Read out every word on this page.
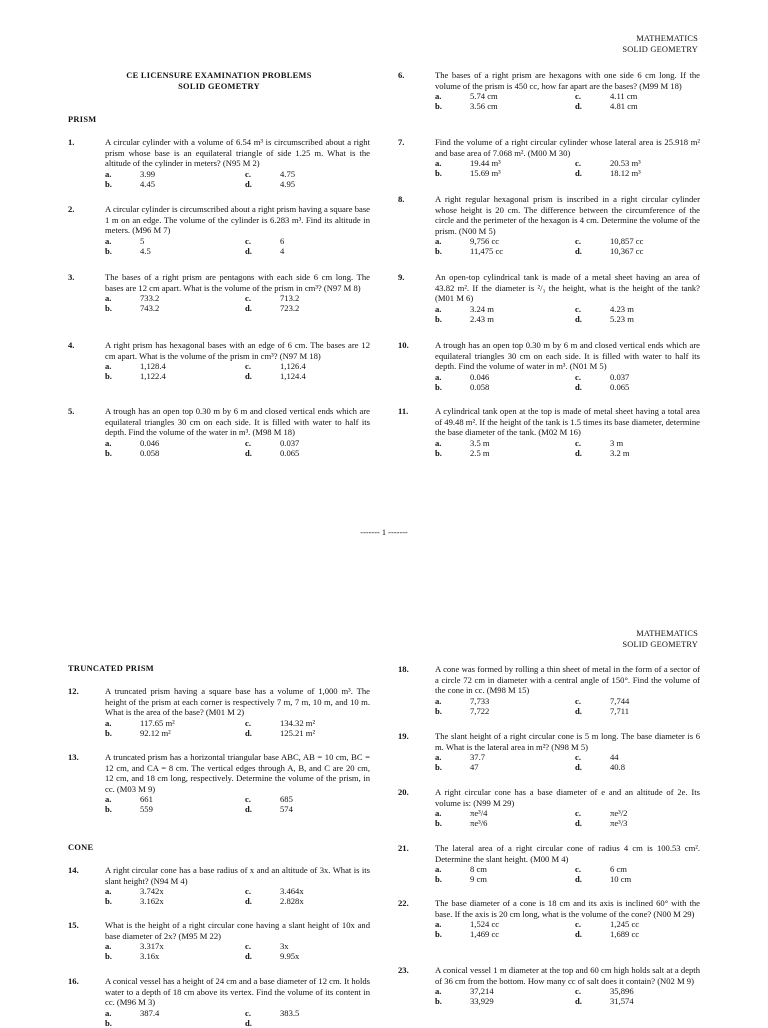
MATHEMATICS
SOLID GEOMETRY
CE LICENSURE EXAMINATION PROBLEMS
SOLID GEOMETRY
PRISM
1.	A circular cylinder with a volume of 6.54 m³ is circumscribed about a right prism whose base is an equilateral triangle of side 1.25 m. What is the altitude of the cylinder in meters? (N95 M 2)
a.	3.99	c.	4.75
b.	4.45	d.	4.95
2.	A circular cylinder is circumscribed about a right prism having a square base 1 m on an edge. The volume of the cylinder is 6.283 m³. Find its altitude in meters. (M96 M 7)
a.	5	c.	6
b.	4.5	d.	4
3.	The bases of a right prism are pentagons with each side 6 cm long. The bases are 12 cm apart. What is the volume of the prism in cm³? (N97 M 8)
a.	733.2	c.	713.2
b.	743.2	d.	723.2
4.	A right prism has hexagonal bases with an edge of 6 cm. The bases are 12 cm apart. What is the volume of the prism in cm³? (N97 M 18)
a.	1,128.4	c.	1,126.4
b.	1,122.4	d.	1,124.4
5.	A trough has an open top 0.30 m by 6 m and closed vertical ends which are equilateral triangles 30 cm on each side. It is filled with water to half its depth. Find the volume of the water in m³. (M98 M 18)
a.	0.046	c.	0.037
b.	0.058	d.	0.065
6.	The bases of a right prism are hexagons with one side 6 cm long. If the volume of the prism is 450 cc, how far apart are the bases? (M99 M 18)
a.	5.74 cm	c.	4.11 cm
b.	3.56 cm	d.	4.81 cm
7.	Find the volume of a right circular cylinder whose lateral area is 25.918 m² and base area of 7.068 m². (M00 M 30)
a.	19.44 m³	c.	20.53 m³
b.	15.69 m³	d.	18.12 m³
8.	A right regular hexagonal prism is inscribed in a right circular cylinder whose height is 20 cm. The difference between the circumference of the circle and the perimeter of the hexagon is 4 cm. Determine the volume of the prism. (N00 M 5)
a.	9,756 cc	c.	10,857 cc
b.	11,475 cc	d.	10,367 cc
9.	An open-top cylindrical tank is made of a metal sheet having an area of 43.82 m². If the diameter is ²/₃ the height, what is the height of the tank? (M01 M 6)
a.	3.24 m	c.	4.23 m
b.	2.43 m	d.	5.23 m
10.	A trough has an open top 0.30 m by 6 m and closed vertical ends which are equilateral triangles 30 cm on each side. It is filled with water to half its depth. Find the volume of water in m³. (N01 M 5)
a.	0.046	c.	0.037
b.	0.058	d.	0.065
11.	A cylindrical tank open at the top is made of metal sheet having a total area of 49.48 m². If the height of the tank is 1.5 times its base diameter, determine the base diameter of the tank. (M02 M 16)
a.	3.5 m	c.	3 m
b.	2.5 m	d.	3.2 m
------- 1 -------
MATHEMATICS
SOLID GEOMETRY
TRUNCATED PRISM
12.	A truncated prism having a square base has a volume of 1,000 m³. The height of the prism at each corner is respectively 7 m, 7 m, 10 m, and 10 m. What is the area of the base? (M01 M 2)
a.	117.65 m²	c.	134.32 m²
b.	92.12 m²	d.	125.21 m²
13.	A truncated prism has a horizontal triangular base ABC, AB = 10 cm, BC = 12 cm, and CA = 8 cm. The vertical edges through A, B, and C are 20 cm, 12 cm, and 18 cm long, respectively. Determine the volume of the prism, in cc. (M03 M 9)
a.	661	c.	685
b.	559	d.	574
CONE
14.	A right circular cone has a base radius of x and an altitude of 3x. What is its slant height? (N94 M 4)
a.	3.742x	c.	3.464x
b.	3.162x	d.	2.828x
15.	What is the height of a right circular cone having a slant height of 10x and base diameter of 2x? (M95 M 22)
a.	3.317x	c.	3x
b.	3.16x	d.	9.95x
16.	A conical vessel has a height of 24 cm and a base diameter of 12 cm. It holds water to a depth of 18 cm above its vertex. Find the volume of its content in cc. (M96 M 3)
a.	387.4	c.	383.5
b.	d.
18.	A cone was formed by rolling a thin sheet of metal in the form of a sector of a circle 72 cm in diameter with a central angle of 150°. Find the volume of the cone in cc. (M98 M 15)
a.	7,733	c.	7,744
b.	7,722	d.	7,711
19.	The slant height of a right circular cone is 5 m long. The base diameter is 6 m. What is the lateral area in m²? (N98 M 5)
a.	37.7	c.	44
b.	47	d.	40.8
20.	A right circular cone has a base diameter of e and an altitude of 2e. Its volume is: (N99 M 29)
a.	πe³/4	c.	πe³/2
b.	πe³/6	d.	πe³/3
21.	The lateral area of a right circular cone of radius 4 cm is 100.53 cm². Determine the slant height. (M00 M 4)
a.	8 cm	c.	6 cm
b.	9 cm	d.	10 cm
22.	The base diameter of a cone is 18 cm and its axis is inclined 60° with the base. If the axis is 20 cm long, what is the volume of the cone? (N00 M 29)
a.	1,524 cc	c.	1,245 cc
b.	1,469 cc	d.	1,689 cc
23.	A conical vessel 1 m diameter at the top and 60 cm high holds salt at a depth of 36 cm from the bottom. How many cc of salt does it contain? (N02 M 9)
a.	37,214	c.	35,896
b.	33,929	d.	31,574
